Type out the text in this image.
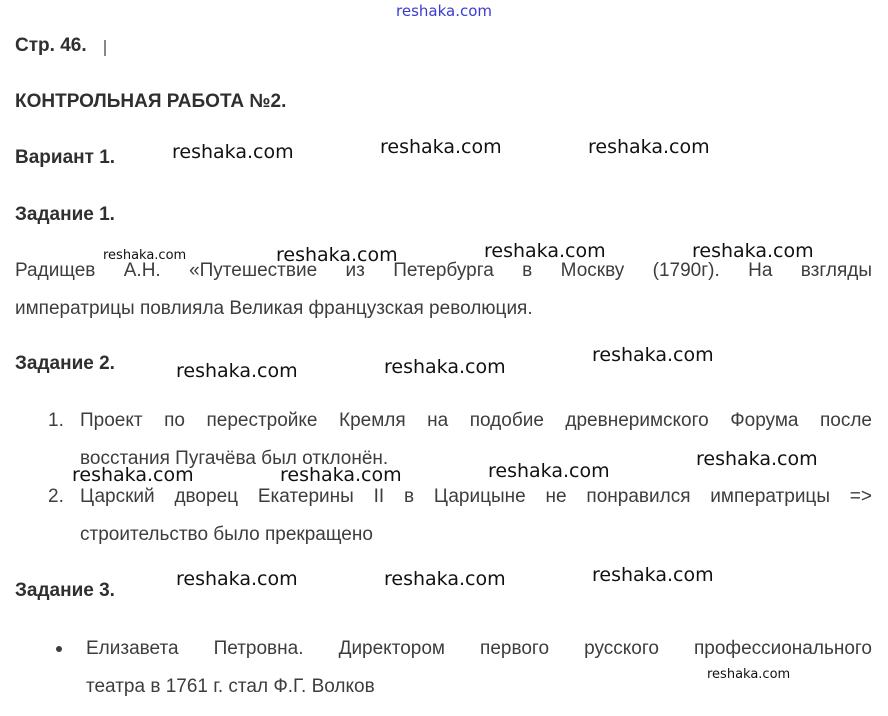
reshaka.com
Стр. 46.
КОНТРОЛЬНАЯ РАБОТА №2.
Вариант 1.	reshaka.com	reshaka.com	reshaka.com
Задание 1.
reshaka.com	reshaka.com	reshaka.com	reshaka.com
Радищев А.Н. «Путешествие из Петербурга в Москву (1790г). На взгляды
императрицы повлияла Великая французская революция.
Задание 2.	reshaka.com	reshaka.com
reshaka.com
1. Проект по перестройке Кремля на подобие древнеримского Форума после
восстания Пугачёва был отклонён.
reshaka.com	reshaka.com	reshaka.com
reshaka.com
2. Царский дворец Екатерины II в Царицыне не понравился императрицы =>
строительство было прекращено
Задание 3.
reshaka.com	reshaka.com	reshaka.com
Елизавета Петровна. Директором первого русского профессионального
театра в 1761 г. стал Ф.Г. Волков
reshaka.com
